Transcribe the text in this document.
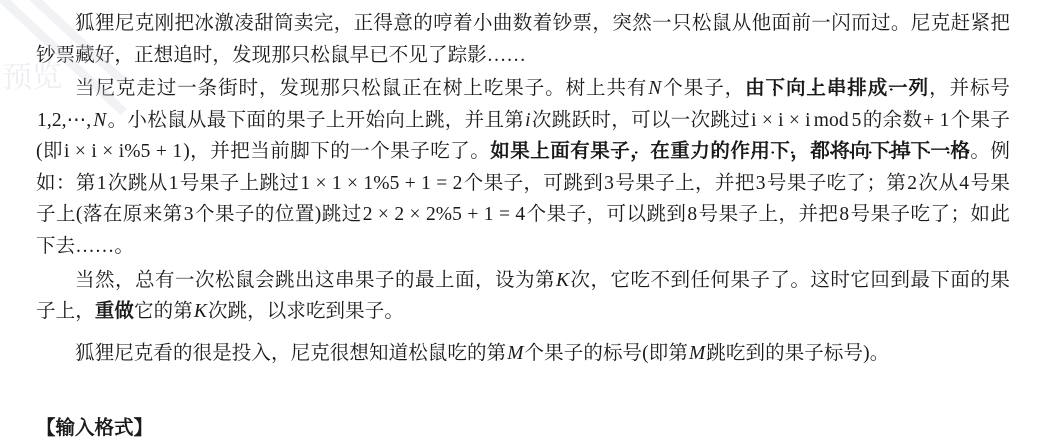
预览

狐狸尼克刚把冰激凌甜筒卖完，正得意的哼着小曲数着钞票，突然一只松鼠从他面前一闪而过。尼克赶紧把钞票藏好，正想追时，发现那只松鼠早已不见了踪影……

当尼克走过一条街时，发现那只松鼠正在树上吃果子。树上共有N个果子，由下向上串排成一列，并标号1,2,⋯, N。小松鼠从最下面的果子上开始向上跳，并且第i次跳跃时，可以一次跳过i × i × i mod 5的余数+ 1个果子(即i × i × i%5 + 1)，并把当前脚下的一个果子吃了。如果上面有果子，在重力的作用下，都将向下掉下一格。例如：第1次跳从1号果子上跳过1 × 1 × 1%5 + 1 = 2个果子，可跳到3号果子上，并把3号果子吃了；第2次从4号果子上(落在原来第3个果子的位置)跳过2 × 2 × 2%5 + 1 = 4个果子，可以跳到8号果子上，并把8号果子吃了；如此下去……。

当然，总有一次松鼠会跳出这串果子的最上面，设为第K次，它吃不到任何果子了。这时它回到最下面的果子上，重做它的第K次跳，以求吃到果子。

狐狸尼克看的很是投入，尼克很想知道松鼠吃的第M个果子的标号(即第M跳吃到的果子标号)。

【输入格式】
